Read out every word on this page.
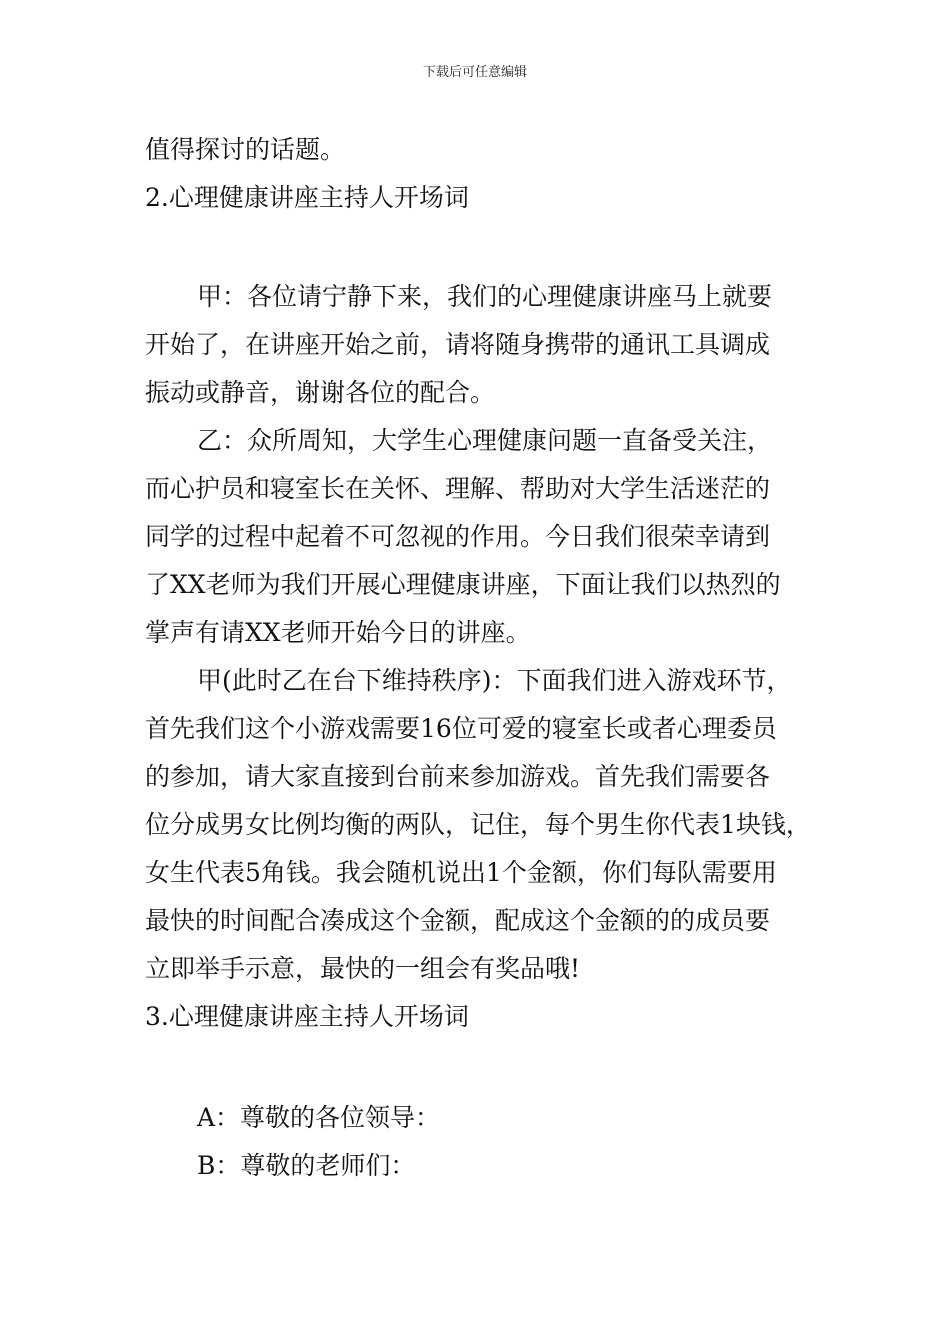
下载后可任意编辑
值得探讨的话题。
2.心理健康讲座主持人开场词
甲：各位请宁静下来，我们的心理健康讲座马上就要
开始了，在讲座开始之前，请将随身携带的通讯工具调成
振动或静音，谢谢各位的配合。
乙：众所周知，大学生心理健康问题一直备受关注，
而心护员和寝室长在关怀、理解、帮助对大学生活迷茫的
同学的过程中起着不可忽视的作用。今日我们很荣幸请到
了XX老师为我们开展心理健康讲座，下面让我们以热烈的
掌声有请XX老师开始今日的讲座。
甲(此时乙在台下维持秩序)：下面我们进入游戏环节，
首先我们这个小游戏需要16位可爱的寝室长或者心理委员
的参加，请大家直接到台前来参加游戏。首先我们需要各
位分成男女比例均衡的两队，记住，每个男生你代表1块钱，
女生代表5角钱。我会随机说出1个金额，你们每队需要用
最快的时间配合凑成这个金额，配成这个金额的的成员要
立即举手示意，最快的一组会有奖品哦!
3.心理健康讲座主持人开场词
A：尊敬的各位领导：
B：尊敬的老师们：
